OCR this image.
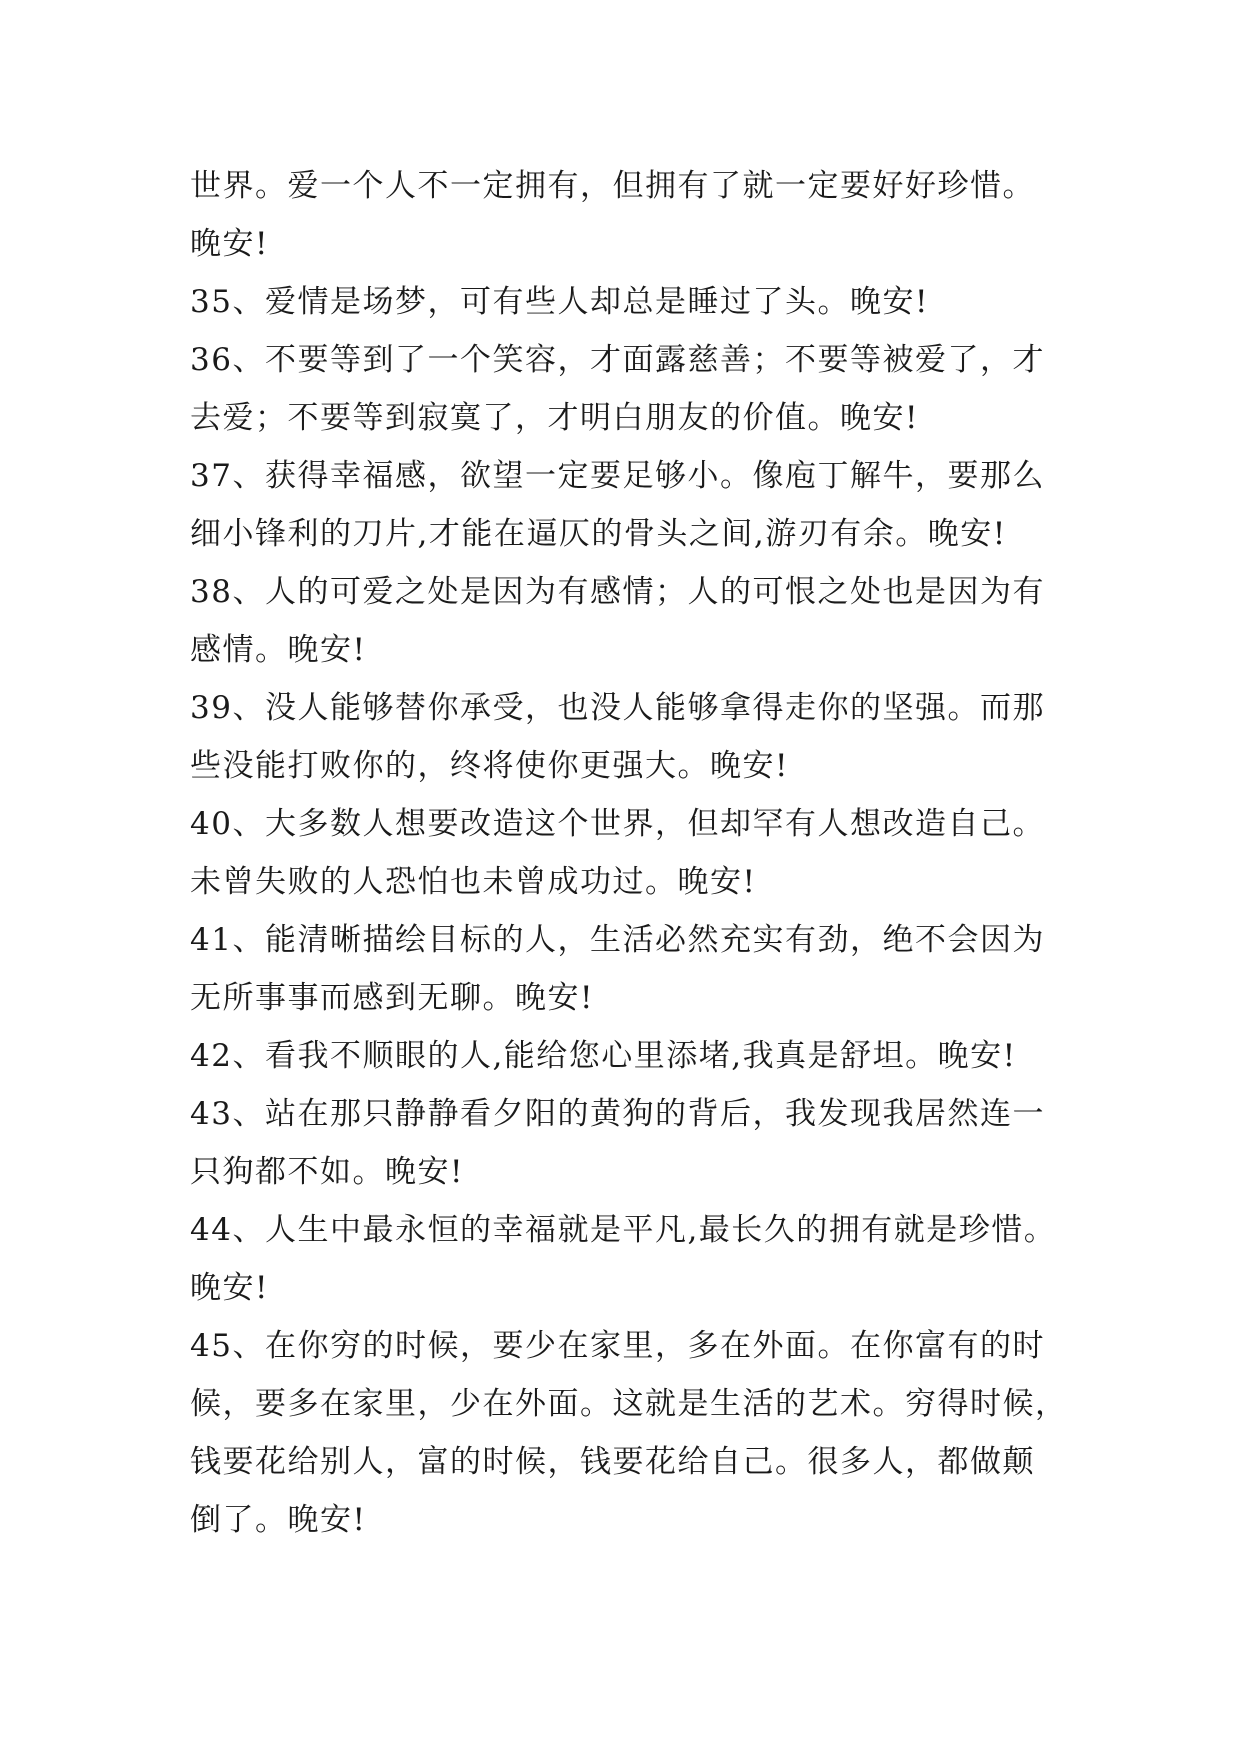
世界。爱一个人不一定拥有，但拥有了就一定要好好珍惜。
晚安!
35、爱情是场梦，可有些人却总是睡过了头。晚安!
36、不要等到了一个笑容，才面露慈善；不要等被爱了，才
去爱；不要等到寂寞了，才明白朋友的价值。晚安!
37、获得幸福感，欲望一定要足够小。像庖丁解牛，要那么
细小锋利的刀片,才能在逼仄的骨头之间,游刃有余。晚安!
38、人的可爱之处是因为有感情；人的可恨之处也是因为有
感情。晚安!
39、没人能够替你承受，也没人能够拿得走你的坚强。而那
些没能打败你的，终将使你更强大。晚安!
40、大多数人想要改造这个世界，但却罕有人想改造自己。
未曾失败的人恐怕也未曾成功过。晚安!
41、能清晰描绘目标的人，生活必然充实有劲，绝不会因为
无所事事而感到无聊。晚安!
42、看我不顺眼的人,能给您心里添堵,我真是舒坦。晚安!
43、站在那只静静看夕阳的黄狗的背后，我发现我居然连一
只狗都不如。晚安!
44、人生中最永恒的幸福就是平凡,最长久的拥有就是珍惜。
晚安!
45、在你穷的时候，要少在家里，多在外面。在你富有的时
候，要多在家里，少在外面。这就是生活的艺术。穷得时候，
钱要花给别人，富的时候，钱要花给自己。很多人，都做颠
倒了。晚安!
